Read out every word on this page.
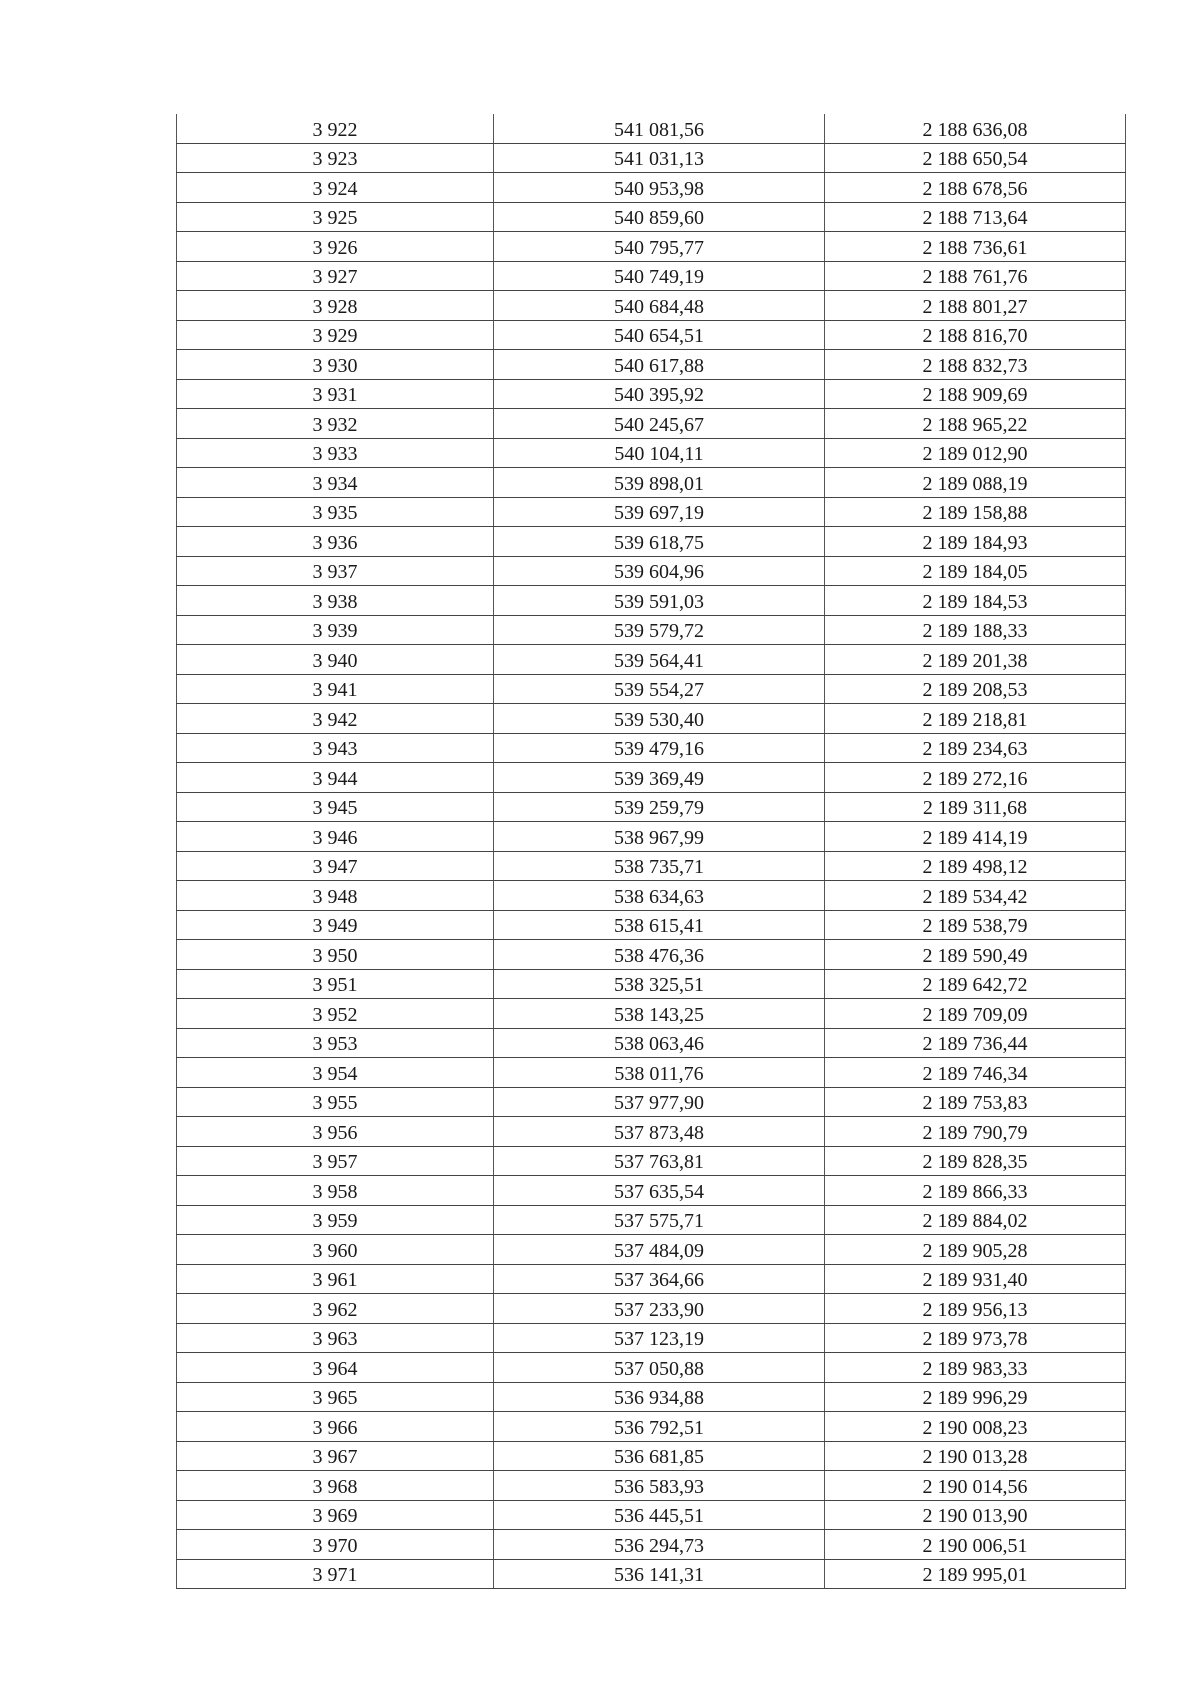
3 922	541 081,56	2 188 636,08
3 923	541 031,13	2 188 650,54
3 924	540 953,98	2 188 678,56
3 925	540 859,60	2 188 713,64
3 926	540 795,77	2 188 736,61
3 927	540 749,19	2 188 761,76
3 928	540 684,48	2 188 801,27
3 929	540 654,51	2 188 816,70
3 930	540 617,88	2 188 832,73
3 931	540 395,92	2 188 909,69
3 932	540 245,67	2 188 965,22
3 933	540 104,11	2 189 012,90
3 934	539 898,01	2 189 088,19
3 935	539 697,19	2 189 158,88
3 936	539 618,75	2 189 184,93
3 937	539 604,96	2 189 184,05
3 938	539 591,03	2 189 184,53
3 939	539 579,72	2 189 188,33
3 940	539 564,41	2 189 201,38
3 941	539 554,27	2 189 208,53
3 942	539 530,40	2 189 218,81
3 943	539 479,16	2 189 234,63
3 944	539 369,49	2 189 272,16
3 945	539 259,79	2 189 311,68
3 946	538 967,99	2 189 414,19
3 947	538 735,71	2 189 498,12
3 948	538 634,63	2 189 534,42
3 949	538 615,41	2 189 538,79
3 950	538 476,36	2 189 590,49
3 951	538 325,51	2 189 642,72
3 952	538 143,25	2 189 709,09
3 953	538 063,46	2 189 736,44
3 954	538 011,76	2 189 746,34
3 955	537 977,90	2 189 753,83
3 956	537 873,48	2 189 790,79
3 957	537 763,81	2 189 828,35
3 958	537 635,54	2 189 866,33
3 959	537 575,71	2 189 884,02
3 960	537 484,09	2 189 905,28
3 961	537 364,66	2 189 931,40
3 962	537 233,90	2 189 956,13
3 963	537 123,19	2 189 973,78
3 964	537 050,88	2 189 983,33
3 965	536 934,88	2 189 996,29
3 966	536 792,51	2 190 008,23
3 967	536 681,85	2 190 013,28
3 968	536 583,93	2 190 014,56
3 969	536 445,51	2 190 013,90
3 970	536 294,73	2 190 006,51
3 971	536 141,31	2 189 995,01
